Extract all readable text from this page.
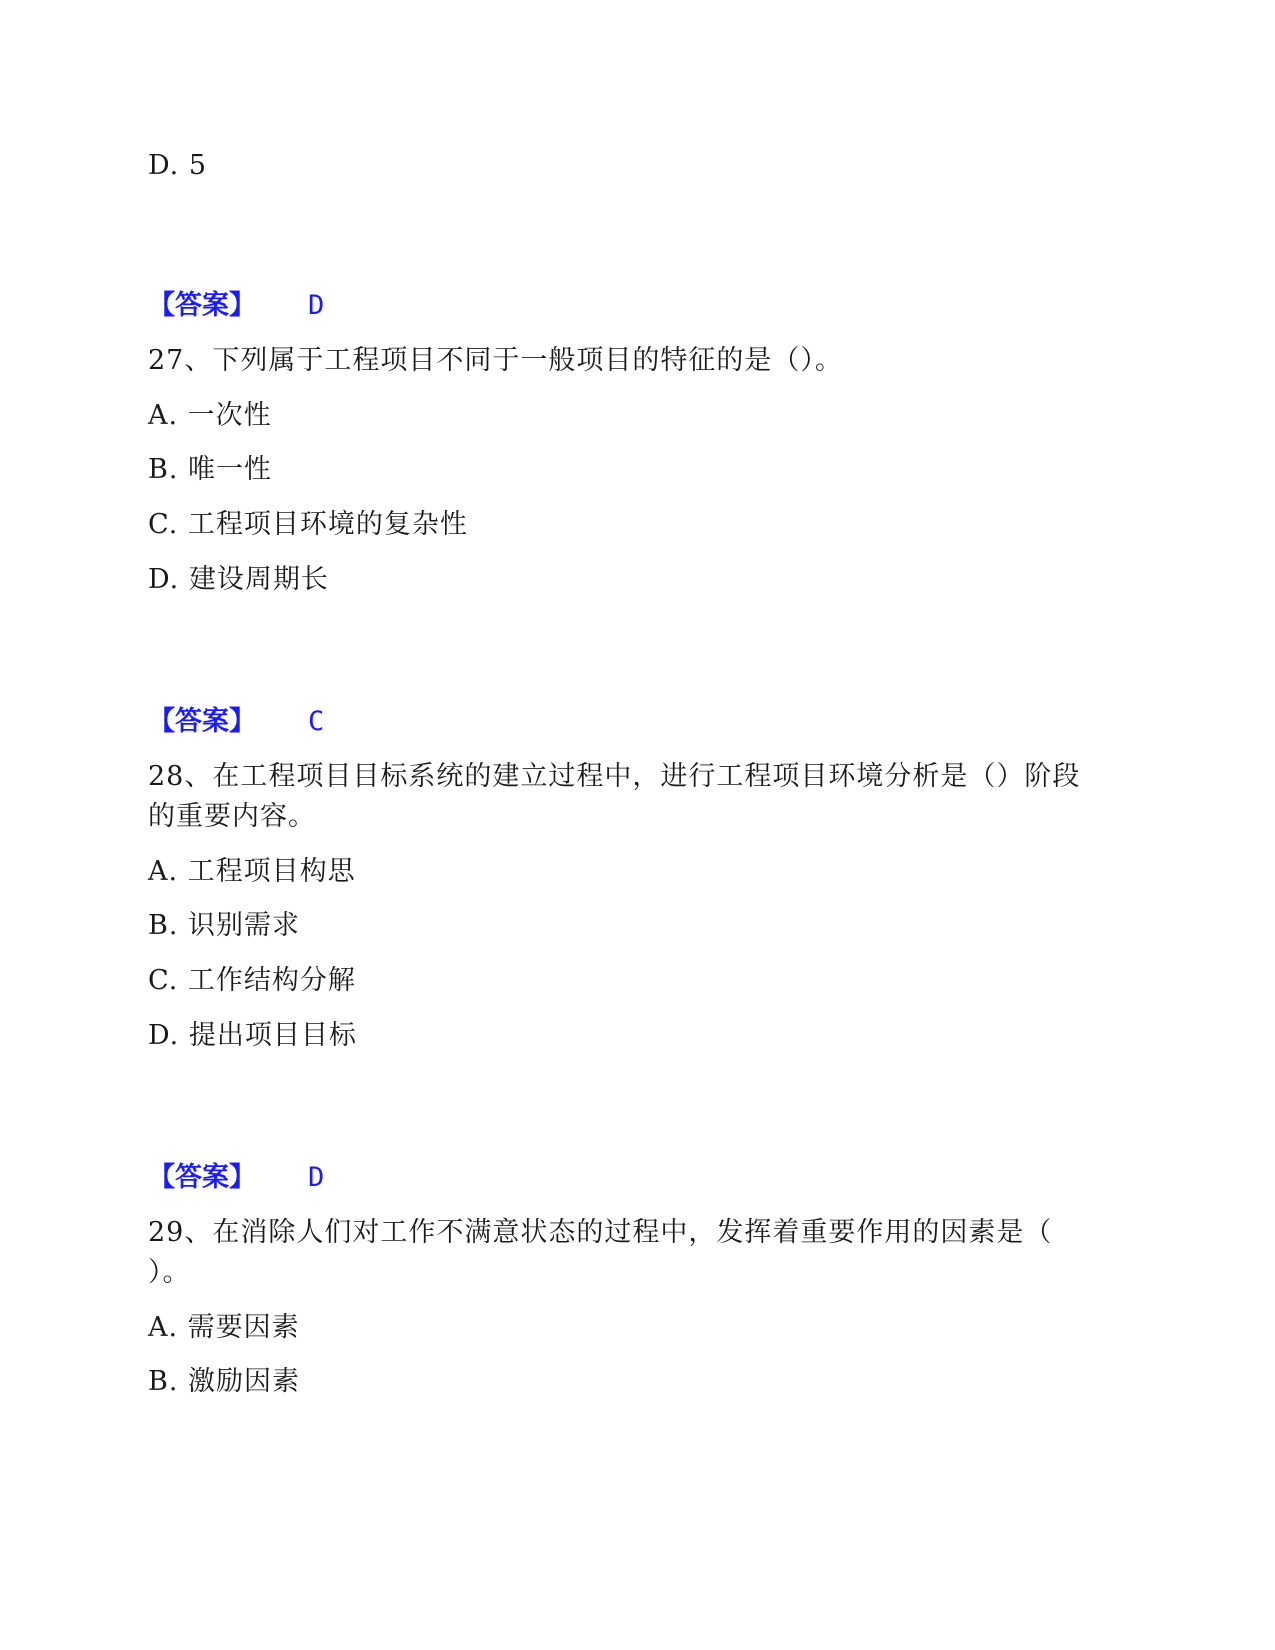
D. 5
【答案】 D
27、下列属于工程项目不同于一般项目的特征的是（）。
A. 一次性
B. 唯一性
C. 工程项目环境的复杂性
D. 建设周期长
【答案】 C
28、在工程项目目标系统的建立过程中，进行工程项目环境分析是（）阶段
的重要内容。
A. 工程项目构思
B. 识别需求
C. 工作结构分解
D. 提出项目目标
【答案】 D
29、在消除人们对工作不满意状态的过程中，发挥着重要作用的因素是（
）。
A. 需要因素
B. 激励因素
